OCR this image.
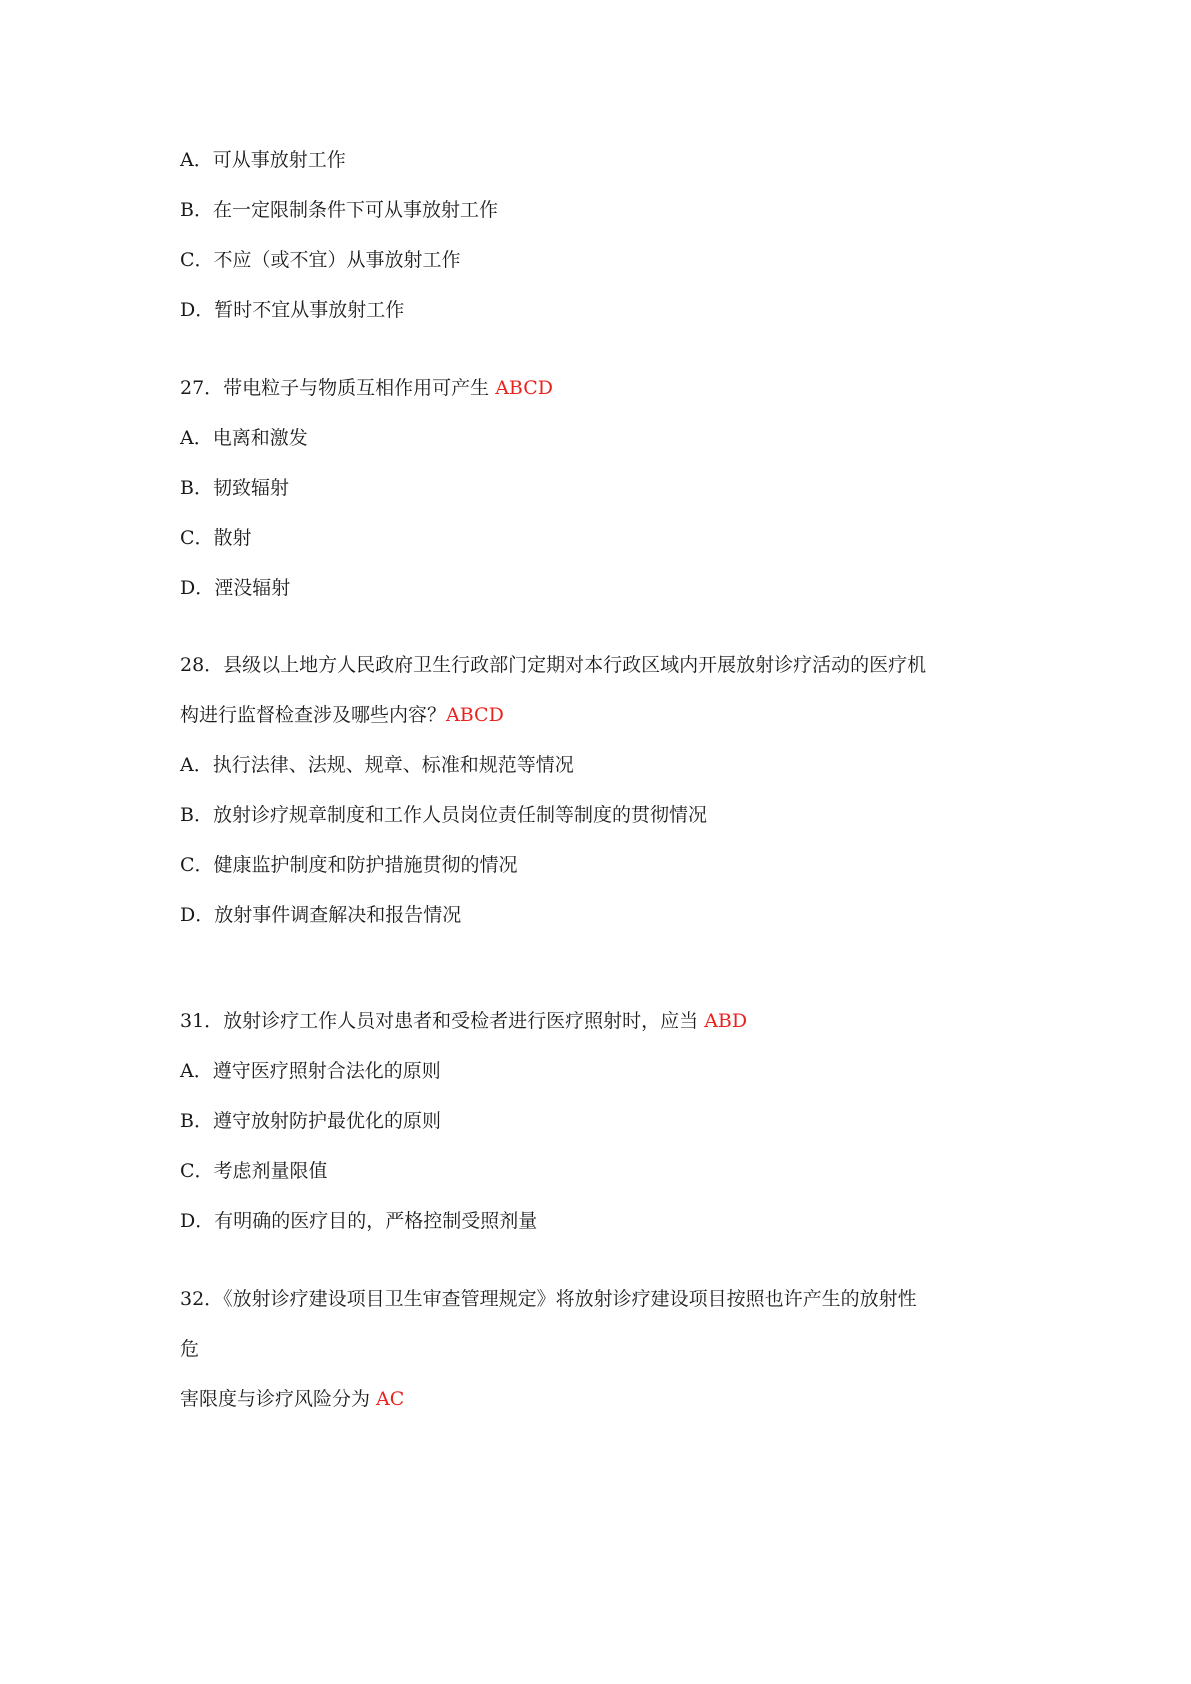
A．可从事放射工作
B．在一定限制条件下可从事放射工作
C．不应（或不宜）从事放射工作
D．暂时不宜从事放射工作
27．带电粒子与物质互相作用可产生 ABCD
A．电离和激发
B．韧致辐射
C．散射
D．湮没辐射
28．县级以上地方人民政府卫生行政部门定期对本行政区域内开展放射诊疗活动的医疗机
构进行监督检查涉及哪些内容？ABCD
A．执行法律、法规、规章、标准和规范等情况
B．放射诊疗规章制度和工作人员岗位责任制等制度的贯彻情况
C．健康监护制度和防护措施贯彻的情况
D．放射事件调查解决和报告情况
31．放射诊疗工作人员对患者和受检者进行医疗照射时，应当 ABD
A．遵守医疗照射合法化的原则
B．遵守放射防护最优化的原则
C．考虑剂量限值
D．有明确的医疗目的，严格控制受照剂量
32．《放射诊疗建设项目卫生审查管理规定》将放射诊疗建设项目按照也许产生的放射性
危
害限度与诊疗风险分为 AC
